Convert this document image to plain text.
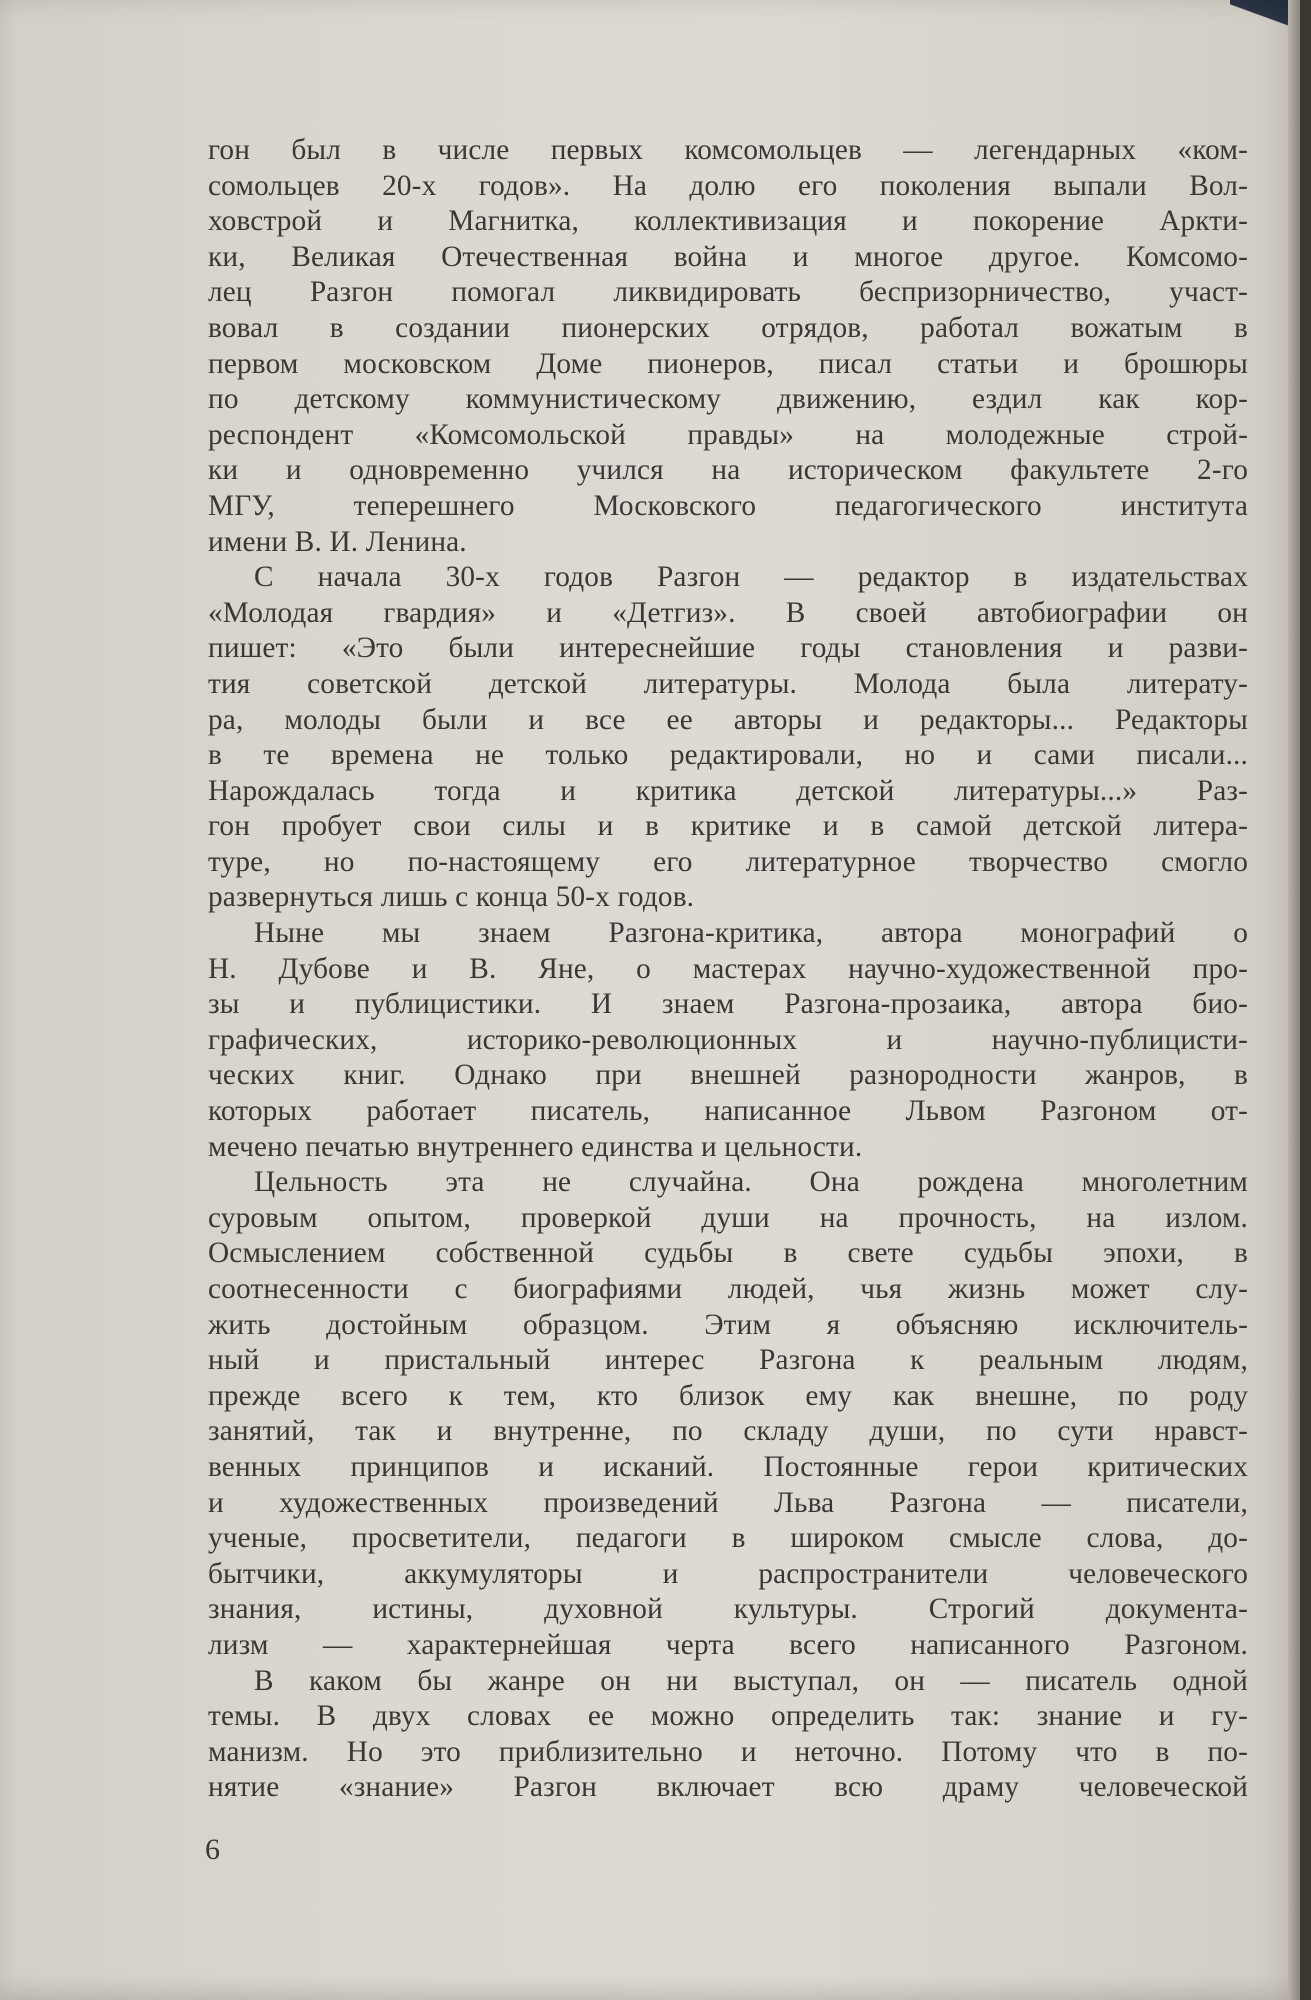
гон был в числе первых комсомольцев — легендарных «ком-
сомольцев 20-х годов». На долю его поколения выпали Вол-
ховстрой и Магнитка, коллективизация и покорение Аркти-
ки, Великая Отечественная война и многое другое. Комсомо-
лец Разгон помогал ликвидировать беспризорничество, участ-
вовал в создании пионерских отрядов, работал вожатым в
первом московском Доме пионеров, писал статьи и брошюры
по детскому коммунистическому движению, ездил как кор-
респондент «Комсомольской правды» на молодежные строй-
ки и одновременно учился на историческом факультете 2-го
МГУ, теперешнего Московского педагогического института
имени В. И. Ленина.
С начала 30-х годов Разгон — редактор в издательствах
«Молодая гвардия» и «Детгиз». В своей автобиографии он
пишет: «Это были интереснейшие годы становления и разви-
тия советской детской литературы. Молода была литерату-
ра, молоды были и все ее авторы и редакторы... Редакторы
в те времена не только редактировали, но и сами писали...
Нарождалась тогда и критика детской литературы...» Раз-
гон пробует свои силы и в критике и в самой детской литера-
туре, но по-настоящему его литературное творчество смогло
развернуться лишь с конца 50-х годов.
Ныне мы знаем Разгона-критика, автора монографий о
Н. Дубове и В. Яне, о мастерах научно-художественной про-
зы и публицистики. И знаем Разгона-прозаика, автора био-
графических, историко-революционных и научно-публицисти-
ческих книг. Однако при внешней разнородности жанров, в
которых работает писатель, написанное Львом Разгоном от-
мечено печатью внутреннего единства и цельности.
Цельность эта не случайна. Она рождена многолетним
суровым опытом, проверкой души на прочность, на излом.
Осмыслением собственной судьбы в свете судьбы эпохи, в
соотнесенности с биографиями людей, чья жизнь может слу-
жить достойным образцом. Этим я объясняю исключитель-
ный и пристальный интерес Разгона к реальным людям,
прежде всего к тем, кто близок ему как внешне, по роду
занятий, так и внутренне, по складу души, по сути нравст-
венных принципов и исканий. Постоянные герои критических
и художественных произведений Льва Разгона — писатели,
ученые, просветители, педагоги в широком смысле слова, до-
бытчики, аккумуляторы и распространители человеческого
знания, истины, духовной культуры. Строгий документа-
лизм — характернейшая черта всего написанного Разгоном.
В каком бы жанре он ни выступал, он — писатель одной
темы. В двух словах ее можно определить так: знание и гу-
манизм. Но это приблизительно и неточно. Потому что в по-
нятие «знание» Разгон включает всю драму человеческой
6
